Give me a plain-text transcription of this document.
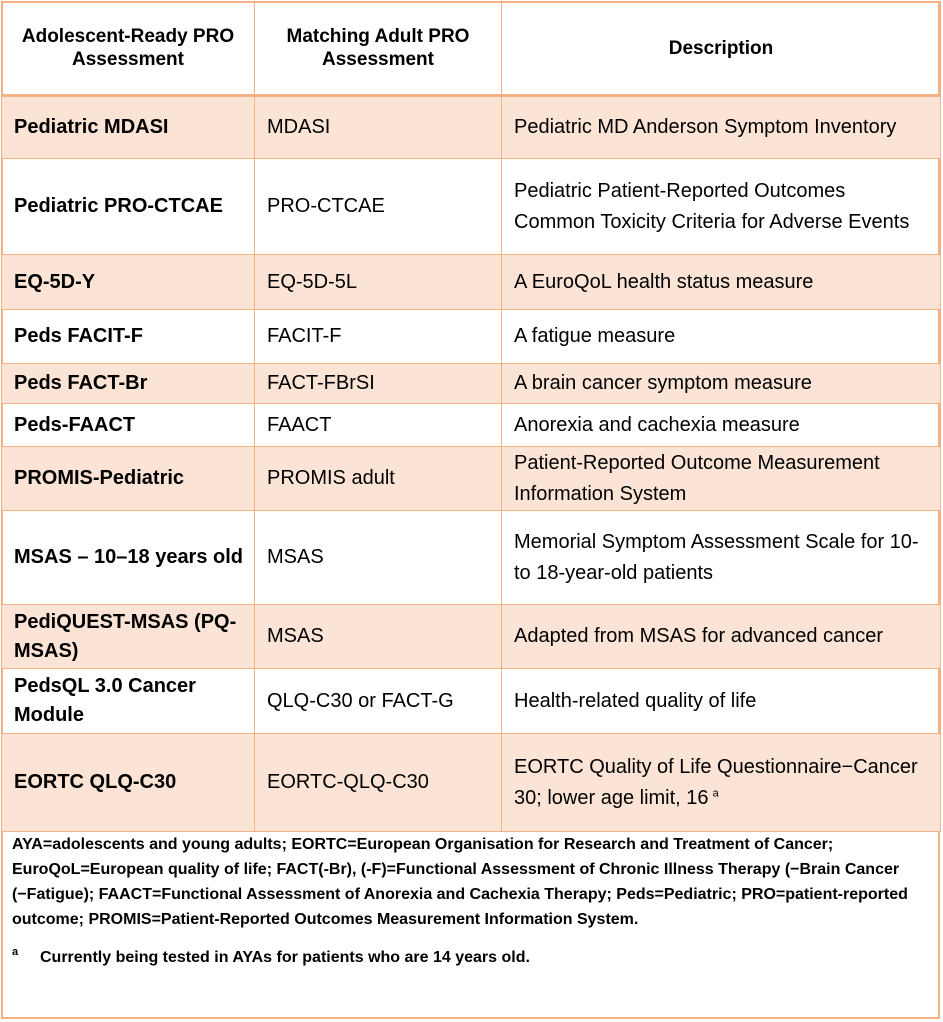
Adolescent-Ready PRO Assessment	Matching Adult PRO Assessment	Description
Pediatric MDASI	MDASI	Pediatric MD Anderson Symptom Inventory
Pediatric PRO-CTCAE	PRO-CTCAE	Pediatric Patient-Reported Outcomes Common Toxicity Criteria for Adverse Events
EQ-5D-Y	EQ-5D-5L	A EuroQoL health status measure
Peds FACIT-F	FACIT-F	A fatigue measure
Peds FACT-Br	FACT-FBrSI	A brain cancer symptom measure
Peds-FAACT	FAACT	Anorexia and cachexia measure
PROMIS-Pediatric	PROMIS adult	Patient-Reported Outcome Measurement Information System
MSAS – 10–18 years old	MSAS	Memorial Symptom Assessment Scale for 10- to 18-year-old patients
PediQUEST-MSAS (PQ-MSAS)	MSAS	Adapted from MSAS for advanced cancer
PedsQL 3.0 Cancer Module	QLQ-C30 or FACT-G	Health-related quality of life
EORTC QLQ-C30	EORTC-QLQ-C30	EORTC Quality of Life Questionnaire−Cancer 30; lower age limit, 16  $^a$
AYA=adolescents and young adults; EORTC=European Organisation for Research and Treatment of Cancer; EuroQoL=European quality of life; FACT(-Br), (-F)=Functional Assessment of Chronic Illness Therapy (−Brain Cancer (−Fatigue); FAACT=Functional Assessment of Anorexia and Cachexia Therapy; Peds=Pediatric; PRO=patient-reported outcome; PROMIS=Patient-Reported Outcomes Measurement Information System.
a	Currently being tested in AYAs for patients who are 14 years old.
